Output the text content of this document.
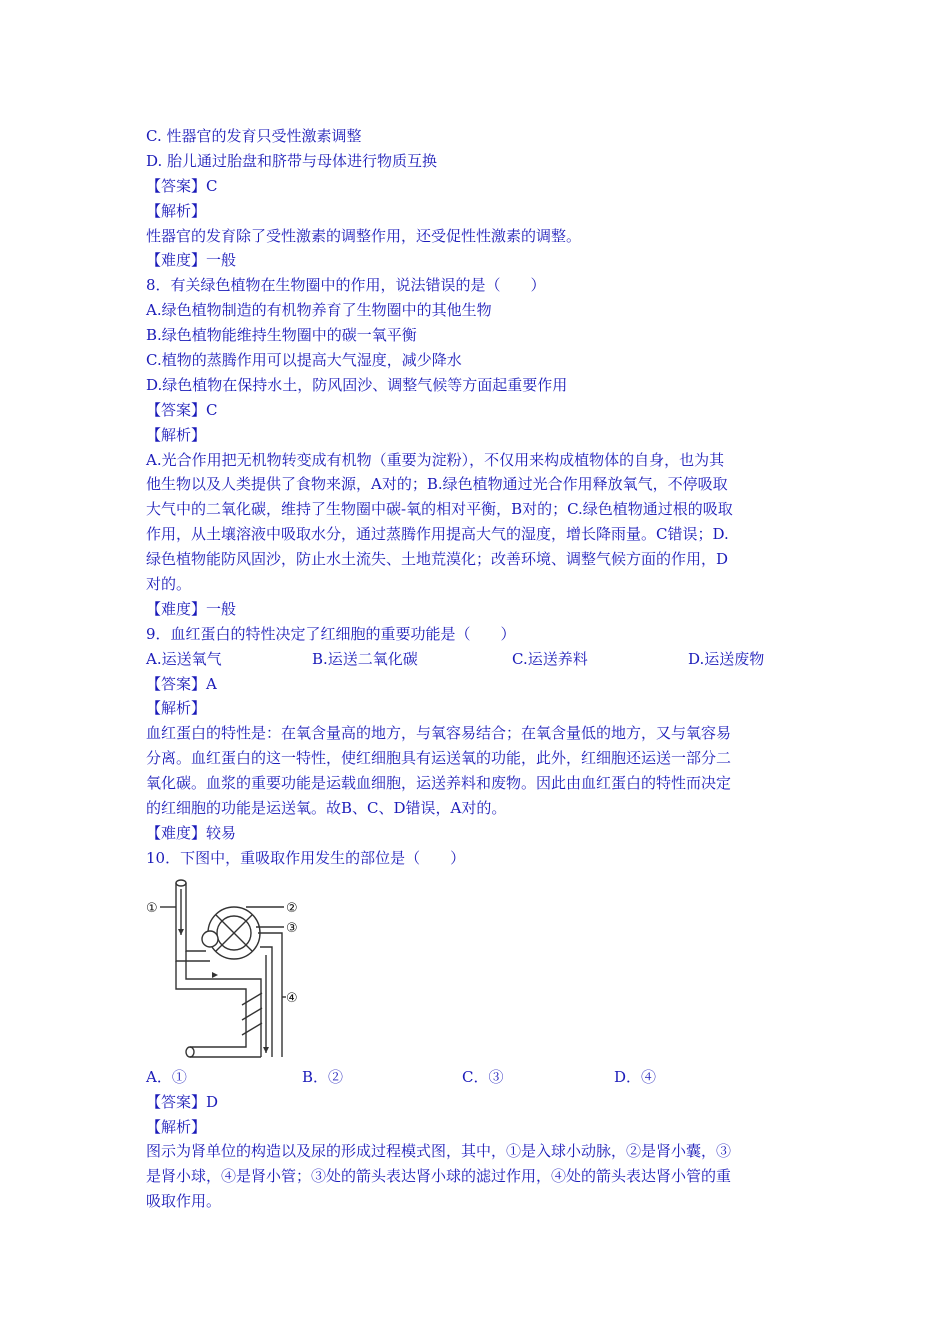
C. 性器官的发育只受性激素调整
D. 胎儿通过胎盘和脐带与母体进行物质互换
【答案】C
【解析】
性器官的发育除了受性激素的调整作用，还受促性性激素的调整。
【难度】一般
8．有关绿色植物在生物圈中的作用，说法错误的是（　　）
A.绿色植物制造的有机物养育了生物圈中的其他生物
B.绿色植物能维持生物圈中的碳一氧平衡
C.植物的蒸腾作用可以提高大气湿度，减少降水
D.绿色植物在保持水土，防风固沙、调整气候等方面起重要作用
【答案】C
【解析】
A.光合作用把无机物转变成有机物（重要为淀粉），不仅用来构成植物体的自身，也为其
他生物以及人类提供了食物来源，A对的；B.绿色植物通过光合作用释放氧气，不停吸取
大气中的二氧化碳，维持了生物圈中碳-氧的相对平衡，B对的；C.绿色植物通过根的吸取
作用，从土壤溶液中吸取水分，通过蒸腾作用提高大气的湿度，增长降雨量。C错误；D.
绿色植物能防风固沙，防止水土流失、土地荒漠化；改善环境、调整气候方面的作用，D
对的。
【难度】一般
9．血红蛋白的特性决定了红细胞的重要功能是（　　）
A.运送氧气	B.运送二氧化碳	C.运送养料	D.运送废物
【答案】A
【解析】
血红蛋白的特性是：在氧含量高的地方，与氧容易结合；在氧含量低的地方，又与氧容易
分离。血红蛋白的这一特性，使红细胞具有运送氧的功能，此外，红细胞还运送一部分二
氧化碳。血浆的重要功能是运载血细胞，运送养料和废物。因此由血红蛋白的特性而决定
的红细胞的功能是运送氧。故B、C、D错误，A对的。
【难度】较易
10．下图中，重吸取作用发生的部位是（　　）
①	②
③
④
A．①	B．②	C．③	D．④
【答案】D
【解析】
图示为肾单位的构造以及尿的形成过程模式图，其中，①是入球小动脉，②是肾小囊，③
是肾小球，④是肾小管；③处的箭头表达肾小球的滤过作用，④处的箭头表达肾小管的重
吸取作用。
